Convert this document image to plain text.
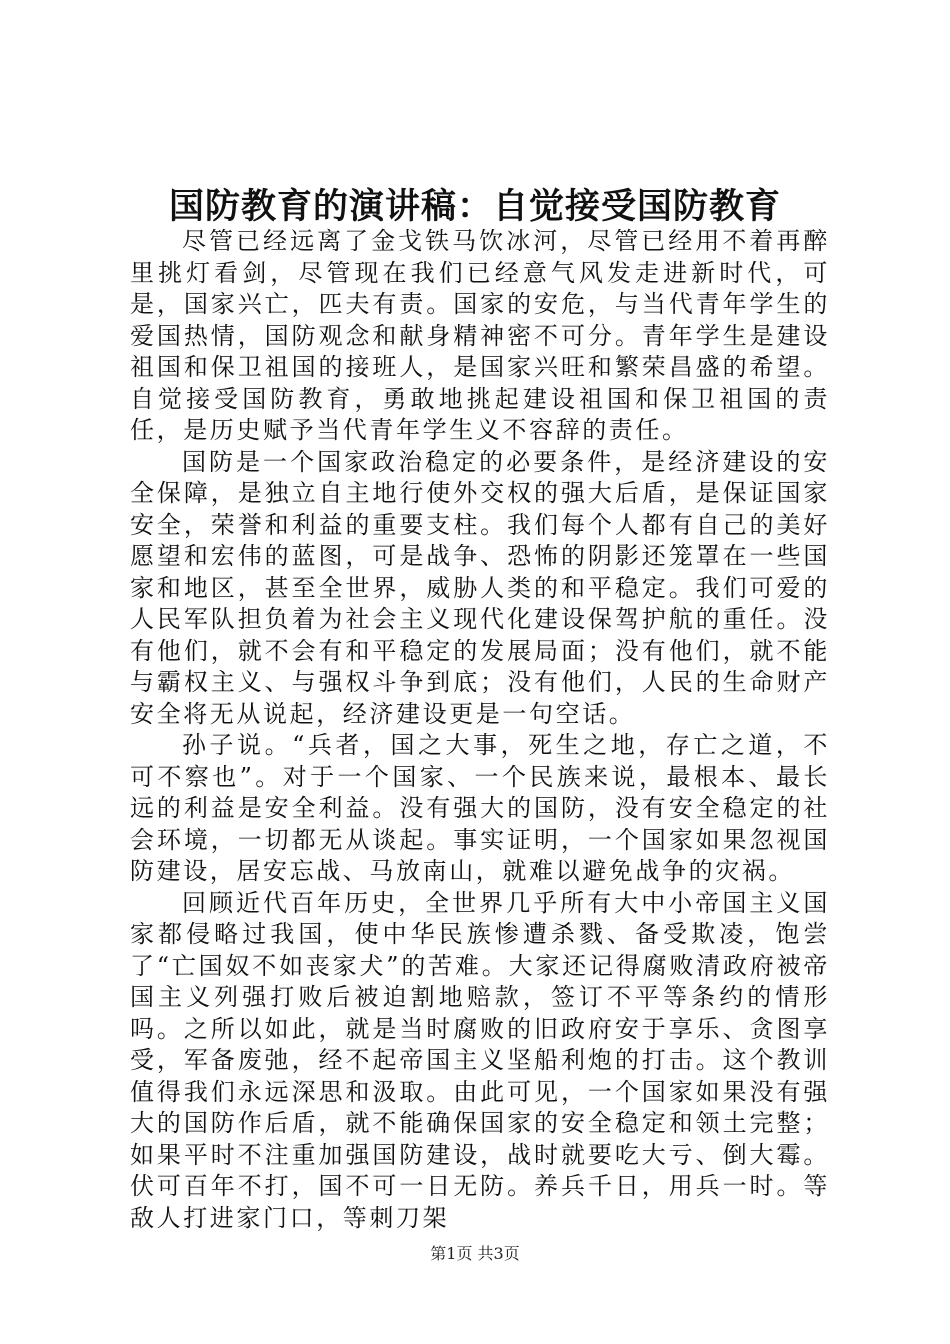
国防教育的演讲稿：自觉接受国防教育

尽管已经远离了金戈铁马饮冰河，尽管已经用不着再醉里挑灯看剑，尽管现在我们已经意气风发走进新时代，可是，国家兴亡，匹夫有责。国家的安危，与当代青年学生的爱国热情，国防观念和献身精神密不可分。青年学生是建设祖国和保卫祖国的接班人，是国家兴旺和繁荣昌盛的希望。自觉接受国防教育，勇敢地挑起建设祖国和保卫祖国的责任，是历史赋予当代青年学生义不容辞的责任。

国防是一个国家政治稳定的必要条件，是经济建设的安全保障，是独立自主地行使外交权的强大后盾，是保证国家安全，荣誉和利益的重要支柱。我们每个人都有自己的美好愿望和宏伟的蓝图，可是战争、恐怖的阴影还笼罩在一些国家和地区，甚至全世界，威胁人类的和平稳定。我们可爱的人民军队担负着为社会主义现代化建设保驾护航的重任。没有他们，就不会有和平稳定的发展局面；没有他们，就不能与霸权主义、与强权斗争到底；没有他们，人民的生命财产安全将无从说起，经济建设更是一句空话。

孙子说。“兵者，国之大事，死生之地，存亡之道，不可不察也”。对于一个国家、一个民族来说，最根本、最长远的利益是安全利益。没有强大的国防，没有安全稳定的社会环境，一切都无从谈起。事实证明，一个国家如果忽视国防建设，居安忘战、马放南山，就难以避免战争的灾祸。

回顾近代百年历史，全世界几乎所有大中小帝国主义国家都侵略过我国，使中华民族惨遭杀戮、备受欺凌，饱尝了“亡国奴不如丧家犬”的苦难。大家还记得腐败清政府被帝国主义列强打败后被迫割地赔款，签订不平等条约的情形吗。之所以如此，就是当时腐败的旧政府安于享乐、贪图享受，军备废弛，经不起帝国主义坚船利炮的打击。这个教训值得我们永远深思和汲取。由此可见，一个国家如果没有强大的国防作后盾，就不能确保国家的安全稳定和领土完整；如果平时不注重加强国防建设，战时就要吃大亏、倒大霉。伏可百年不打，国不可一日无防。养兵千日，用兵一时。等敌人打进家门口，等刺刀架

第1页 共3页
